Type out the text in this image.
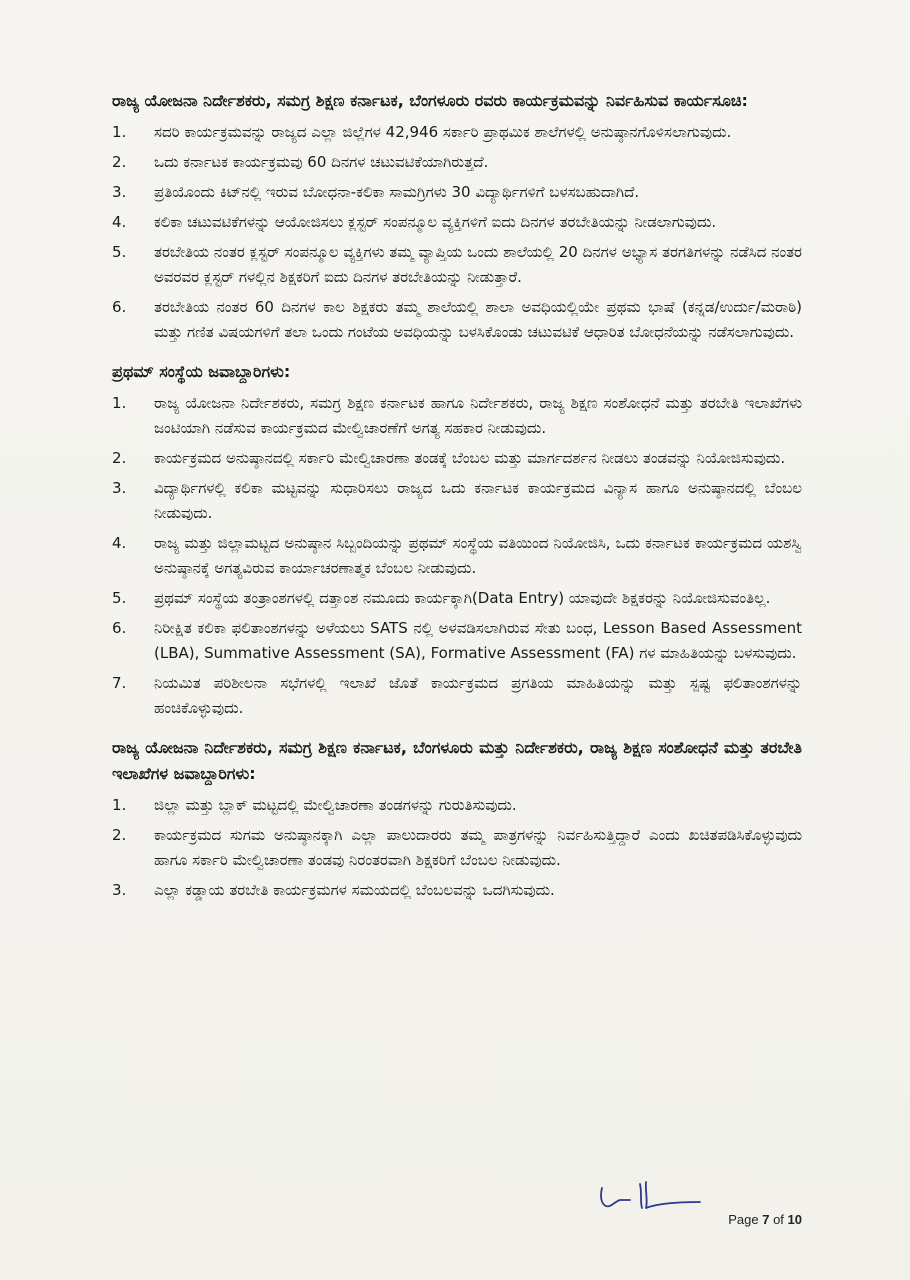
ರಾಜ್ಯ ಯೋಜನಾ ನಿರ್ದೇಶಕರು, ಸಮಗ್ರ ಶಿಕ್ಷಣ ಕರ್ನಾಟಕ, ಬೆಂಗಳೂರು ರವರು ಕಾರ್ಯಕ್ರಮವನ್ನು ನಿರ್ವಹಿಸುವ ಕಾರ್ಯಸೂಚಿ:
1.	ಸದರಿ ಕಾರ್ಯಕ್ರಮವನ್ನು ರಾಜ್ಯದ ಎಲ್ಲಾ ಜಿಲ್ಲೆಗಳ 42,946 ಸರ್ಕಾರಿ ಪ್ರಾಥಮಿಕ ಶಾಲೆಗಳಲ್ಲಿ ಅನುಷ್ಠಾನಗೊಳಿಸಲಾಗುವುದು.
2.	ಒದು ಕರ್ನಾಟಕ ಕಾರ್ಯಕ್ರಮವು 60 ದಿನಗಳ ಚಟುವಟಿಕೆಯಾಗಿರುತ್ತದೆ.
3.	ಪ್ರತಿಯೊಂದು ಕಿಟ್‌ನಲ್ಲಿ ಇರುವ ಬೋಧನಾ-ಕಲಿಕಾ ಸಾಮಗ್ರಿಗಳು 30 ವಿದ್ಯಾರ್ಥಿಗಳಿಗೆ ಬಳಸಬಹುದಾಗಿದೆ.
4.	ಕಲಿಕಾ ಚಟುವಟಿಕೆಗಳನ್ನು ಆಯೋಜಿಸಲು ಕ್ಲಸ್ಟರ್ ಸಂಪನ್ಮೂಲ ವ್ಯಕ್ತಿಗಳಿಗೆ ಐದು ದಿನಗಳ ತರಬೇತಿಯನ್ನು ನೀಡಲಾಗುವುದು.
5.	ತರಬೇತಿಯ ನಂತರ ಕ್ಲಸ್ಟರ್ ಸಂಪನ್ಮೂಲ ವ್ಯಕ್ತಿಗಳು ತಮ್ಮ ವ್ಯಾಪ್ತಿಯ ಒಂದು ಶಾಲೆಯಲ್ಲಿ 20 ದಿನಗಳ ಅಭ್ಯಾಸ ತರಗತಿಗಳನ್ನು ನಡೆಸಿದ ನಂತರ ಅವರವರ ಕ್ಲಸ್ಟರ್ ಗಳಲ್ಲಿನ ಶಿಕ್ಷಕರಿಗೆ ಐದು ದಿನಗಳ ತರಬೇತಿಯನ್ನು ನೀಡುತ್ತಾರೆ.
6.	ತರಬೇತಿಯ ನಂತರ 60 ದಿನಗಳ ಕಾಲ ಶಿಕ್ಷಕರು ತಮ್ಮ ಶಾಲೆಯಲ್ಲಿ ಶಾಲಾ ಅವಧಿಯಲ್ಲಿಯೇ ಪ್ರಥಮ ಭಾಷೆ (ಕನ್ನಡ/ಉರ್ದು/ಮರಾಠಿ) ಮತ್ತು ಗಣಿತ ವಿಷಯಗಳಿಗೆ ತಲಾ ಒಂದು ಗಂಟೆಯ ಅವಧಿಯನ್ನು ಬಳಸಿಕೊಂಡು ಚಟುವಟಿಕೆ ಆಧಾರಿತ ಬೋಧನೆಯನ್ನು ನಡೆಸಲಾಗುವುದು.
ಪ್ರಥಮ್ ಸಂಸ್ಥೆಯ ಜವಾಬ್ದಾರಿಗಳು:
1.	ರಾಜ್ಯ ಯೋಜನಾ ನಿರ್ದೇಶಕರು, ಸಮಗ್ರ ಶಿಕ್ಷಣ ಕರ್ನಾಟಕ ಹಾಗೂ ನಿರ್ದೇಶಕರು, ರಾಜ್ಯ ಶಿಕ್ಷಣ ಸಂಶೋಧನೆ ಮತ್ತು ತರಬೇತಿ ಇಲಾಖೆಗಳು ಜಂಟಿಯಾಗಿ ನಡೆಸುವ ಕಾರ್ಯಕ್ರಮದ ಮೇಲ್ವಿಚಾರಣೆಗೆ ಅಗತ್ಯ ಸಹಕಾರ ನೀಡುವುದು.
2.	ಕಾರ್ಯಕ್ರಮದ ಅನುಷ್ಠಾನದಲ್ಲಿ ಸರ್ಕಾರಿ ಮೇಲ್ವಿಚಾರಣಾ ತಂಡಕ್ಕೆ ಬೆಂಬಲ ಮತ್ತು ಮಾರ್ಗದರ್ಶನ ನೀಡಲು ತಂಡವನ್ನು ನಿಯೋಜಿಸುವುದು.
3.	ವಿದ್ಯಾರ್ಥಿಗಳಲ್ಲಿ ಕಲಿಕಾ ಮಟ್ಟವನ್ನು ಸುಧಾರಿಸಲು ರಾಜ್ಯದ ಒದು ಕರ್ನಾಟಕ ಕಾರ್ಯಕ್ರಮದ ವಿನ್ಯಾಸ ಹಾಗೂ ಅನುಷ್ಠಾನದಲ್ಲಿ ಬೆಂಬಲ ನೀಡುವುದು.
4.	ರಾಜ್ಯ ಮತ್ತು ಜಿಲ್ಲಾಮಟ್ಟದ ಅನುಷ್ಠಾನ ಸಿಬ್ಬಂದಿಯನ್ನು ಪ್ರಥಮ್ ಸಂಸ್ಥೆಯ ವತಿಯಿಂದ ನಿಯೋಜಿಸಿ, ಒದು ಕರ್ನಾಟಕ ಕಾರ್ಯಕ್ರಮದ ಯಶಸ್ವಿ ಅನುಷ್ಠಾನಕ್ಕೆ ಅಗತ್ಯವಿರುವ ಕಾರ್ಯಾಚರಣಾತ್ಮಕ ಬೆಂಬಲ ನೀಡುವುದು.
5.	ಪ್ರಥಮ್ ಸಂಸ್ಥೆಯ ತಂತ್ರಾಂಶಗಳಲ್ಲಿ ದತ್ತಾಂಶ ನಮೂದು ಕಾರ್ಯಕ್ಕಾಗಿ(Data Entry) ಯಾವುದೇ ಶಿಕ್ಷಕರನ್ನು ನಿಯೋಜಿಸುವಂತಿಲ್ಲ.
6.	ನಿರೀಕ್ಷಿತ ಕಲಿಕಾ ಫಲಿತಾಂಶಗಳನ್ನು ಅಳೆಯಲು SATS ನಲ್ಲಿ ಅಳವಡಿಸಲಾಗಿರುವ ಸೇತು ಬಂಧ, Lesson Based Assessment (LBA), Summative Assessment (SA), Formative Assessment (FA) ಗಳ ಮಾಹಿತಿಯನ್ನು ಬಳಸುವುದು.
7.	ನಿಯಮಿತ ಪರಿಶೀಲನಾ ಸಭೆಗಳಲ್ಲಿ ಇಲಾಖೆ ಜೊತೆ ಕಾರ್ಯಕ್ರಮದ ಪ್ರಗತಿಯ ಮಾಹಿತಿಯನ್ನು ಮತ್ತು ಸ್ಪಷ್ಟ ಫಲಿತಾಂಶಗಳನ್ನು ಹಂಚಿಕೊಳ್ಳುವುದು.
ರಾಜ್ಯ ಯೋಜನಾ ನಿರ್ದೇಶಕರು, ಸಮಗ್ರ ಶಿಕ್ಷಣ ಕರ್ನಾಟಕ, ಬೆಂಗಳೂರು ಮತ್ತು ನಿರ್ದೇಶಕರು, ರಾಜ್ಯ ಶಿಕ್ಷಣ ಸಂಶೋಧನೆ ಮತ್ತು ತರಬೇತಿ ಇಲಾಖೆಗಳ ಜವಾಬ್ದಾರಿಗಳು:
1.	ಜಿಲ್ಲಾ ಮತ್ತು ಬ್ಲಾಕ್ ಮಟ್ಟದಲ್ಲಿ ಮೇಲ್ವಿಚಾರಣಾ ತಂಡಗಳನ್ನು ಗುರುತಿಸುವುದು.
2.	ಕಾರ್ಯಕ್ರಮದ ಸುಗಮ ಅನುಷ್ಠಾನಕ್ಕಾಗಿ ಎಲ್ಲಾ ಪಾಲುದಾರರು ತಮ್ಮ ಪಾತ್ರಗಳನ್ನು ನಿರ್ವಹಿಸುತ್ತಿದ್ದಾರೆ ಎಂದು ಖಚಿತಪಡಿಸಿಕೊಳ್ಳುವುದು ಹಾಗೂ ಸರ್ಕಾರಿ ಮೇಲ್ವಿಚಾರಣಾ ತಂಡವು ನಿರಂತರವಾಗಿ ಶಿಕ್ಷಕರಿಗೆ ಬೆಂಬಲ ನೀಡುವುದು.
3.	ಎಲ್ಲಾ ಕಡ್ಡಾಯ ತರಬೇತಿ ಕಾರ್ಯಕ್ರಮಗಳ ಸಮಯದಲ್ಲಿ ಬೆಂಬಲವನ್ನು ಒದಗಿಸುವುದು.
Page 7 of 10
